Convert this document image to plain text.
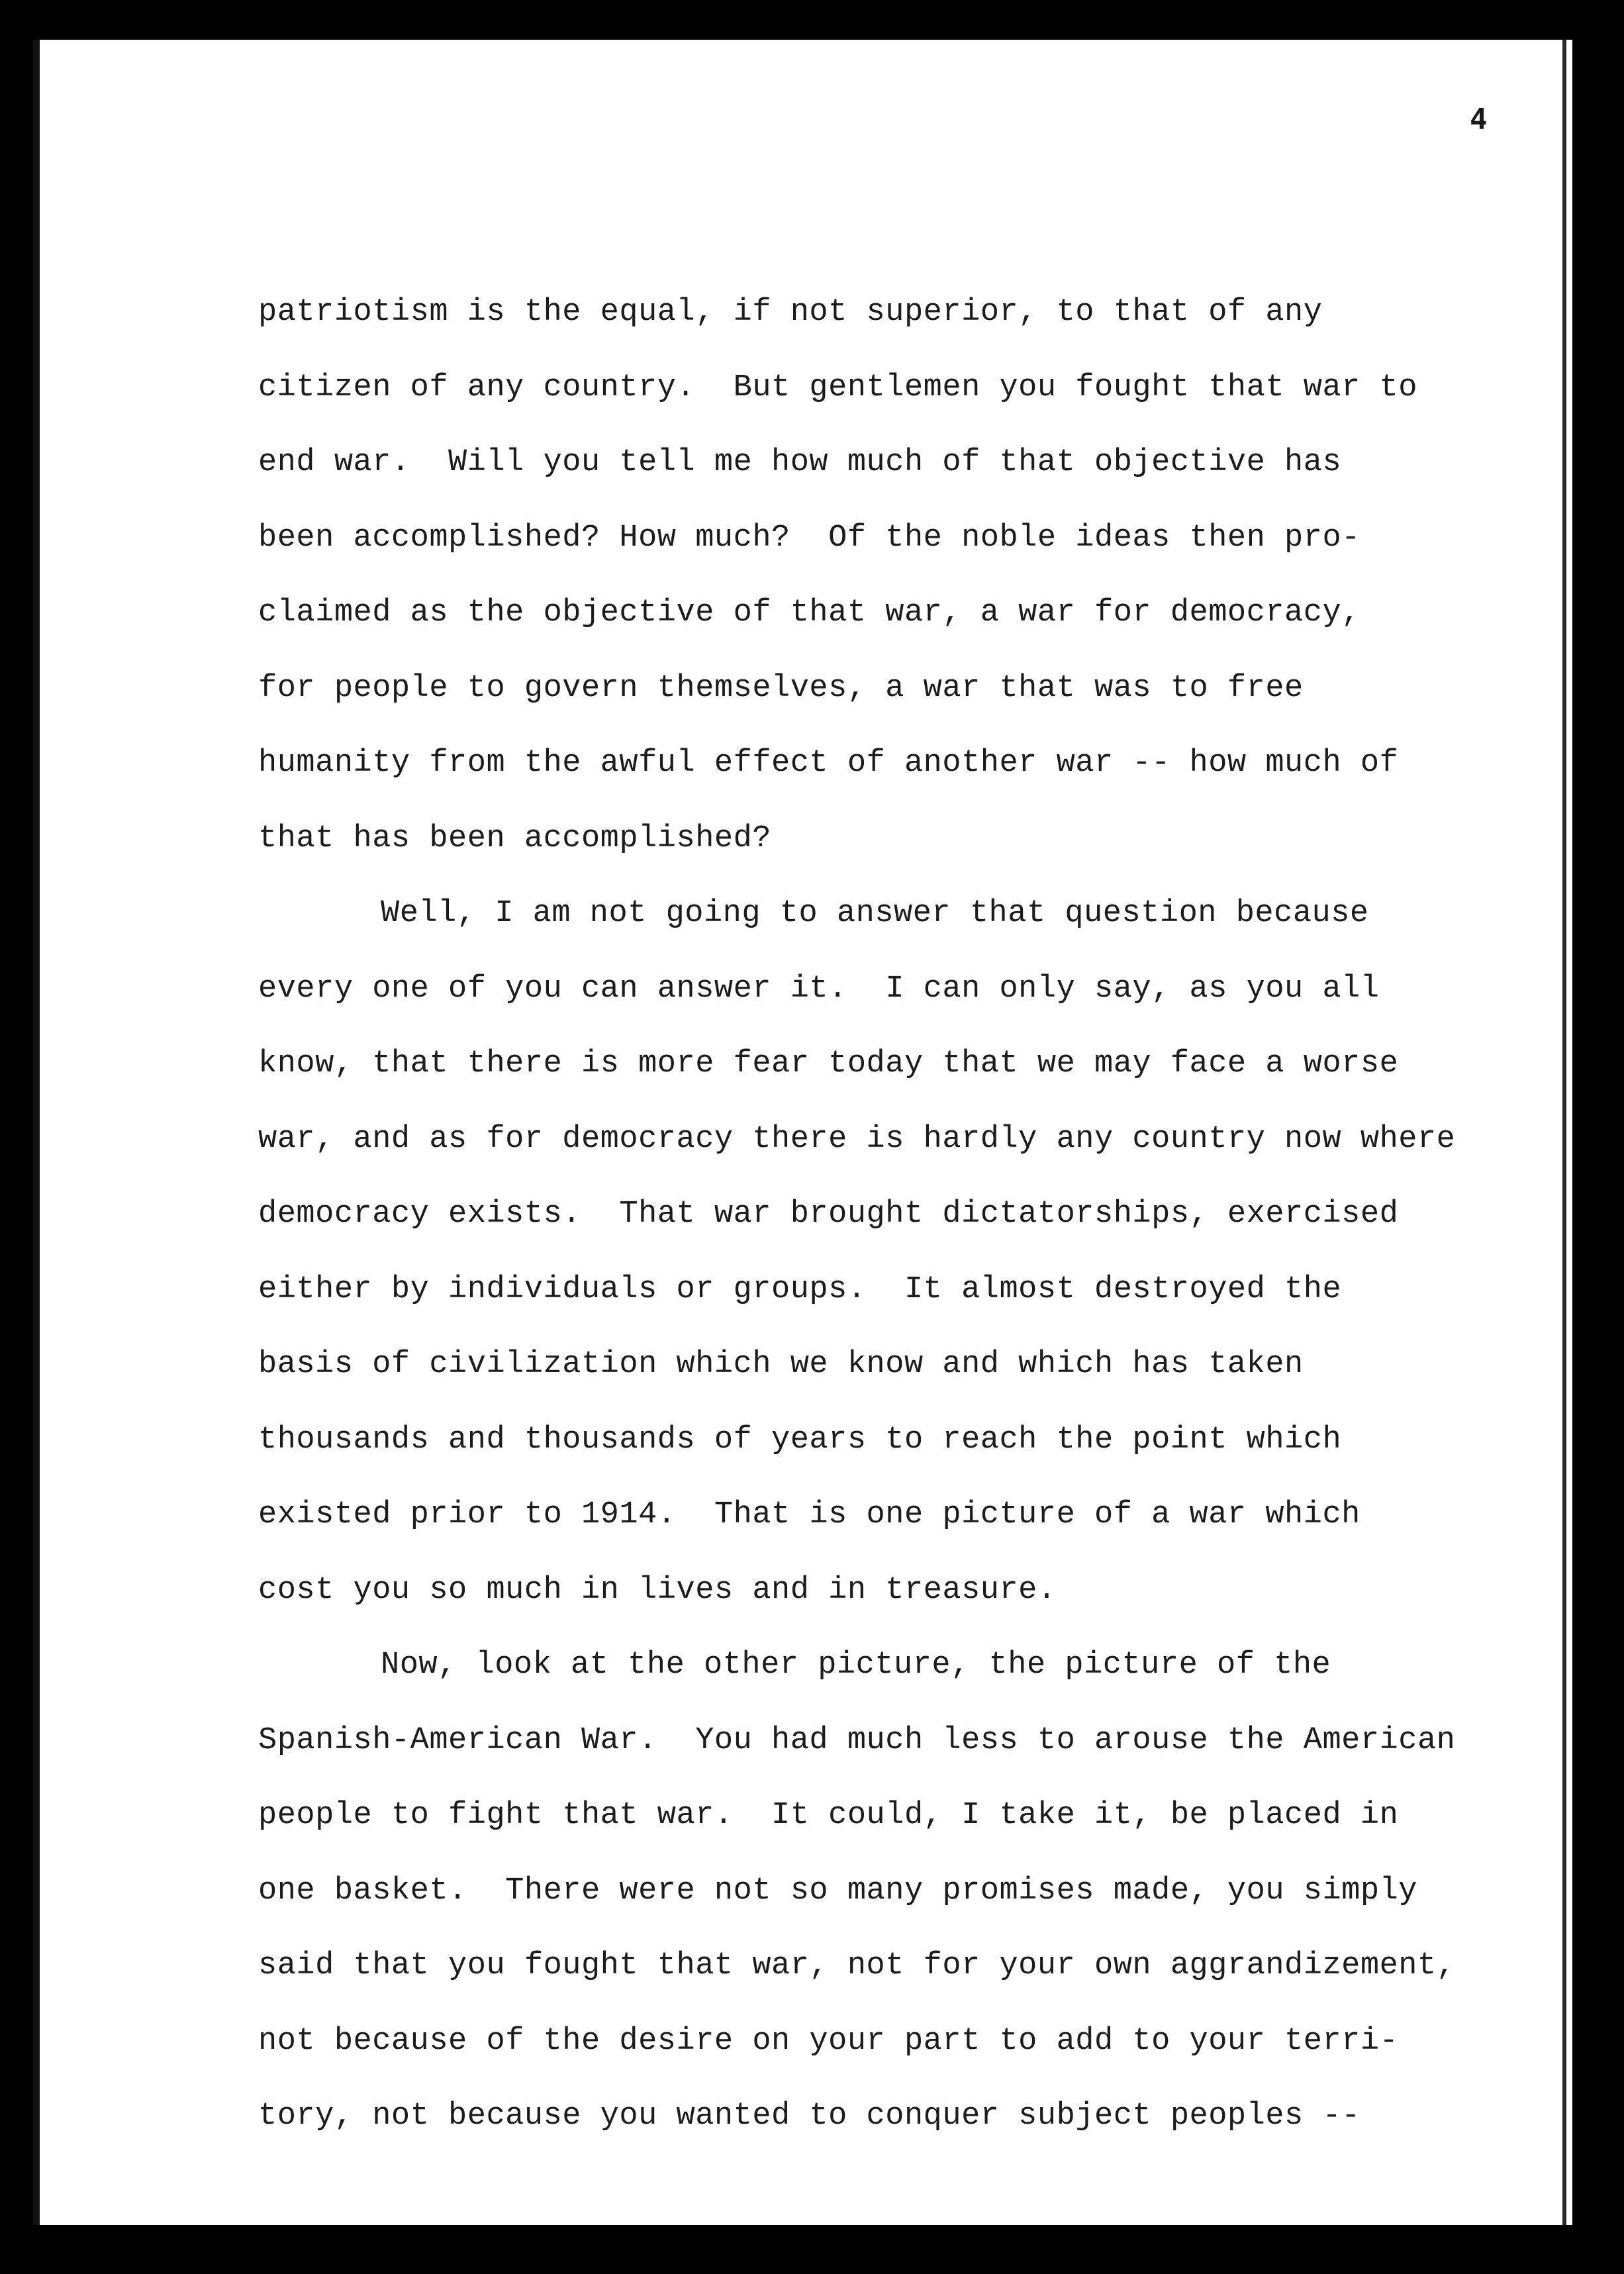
4

patriotism is the equal, if not superior, to that of any
citizen of any country.  But gentlemen you fought that war to
end war.  Will you tell me how much of that objective has
been accomplished? How much?  Of the noble ideas then pro-
claimed as the objective of that war, a war for democracy,
for people to govern themselves, a war that was to free
humanity from the awful effect of another war -- how much of
that has been accomplished?
Well, I am not going to answer that question because
every one of you can answer it.  I can only say, as you all
know, that there is more fear today that we may face a worse
war, and as for democracy there is hardly any country now where
democracy exists.  That war brought dictatorships, exercised
either by individuals or groups.  It almost destroyed the
basis of civilization which we know and which has taken
thousands and thousands of years to reach the point which
existed prior to 1914.  That is one picture of a war which
cost you so much in lives and in treasure.
Now, look at the other picture, the picture of the
Spanish-American War.  You had much less to arouse the American
people to fight that war.  It could, I take it, be placed in
one basket.  There were not so many promises made, you simply
said that you fought that war, not for your own aggrandizement,
not because of the desire on your part to add to your terri-
tory, not because you wanted to conquer subject peoples --
